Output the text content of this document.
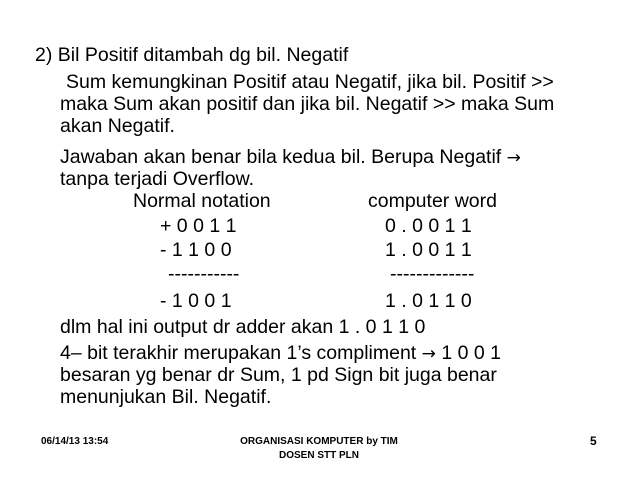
2) Bil Positif ditambah dg bil. Negatif
Sum kemungkinan Positif atau Negatif, jika bil. Positif >>
maka Sum akan positif dan jika bil. Negatif >> maka Sum
akan Negatif.
Jawaban akan benar bila kedua bil. Berupa Negatif →
tanpa terjadi Overflow.
Normal notation	computer word
+ 0 0 1 1	0 . 0 0 1 1
- 1 1 0 0	1 . 0 0 1 1
-----------	-------------
- 1 0 0 1	1 . 0 1 1 0
dlm hal ini output dr adder akan 1 . 0 1 1 0
4– bit terakhir merupakan 1’s compliment → 1 0 0 1
besaran yg benar dr Sum, 1 pd Sign bit juga benar
menunjukan Bil. Negatif.
06/14/13 13:54	ORGANISASI KOMPUTER by TIM
DOSEN STT PLN
5
